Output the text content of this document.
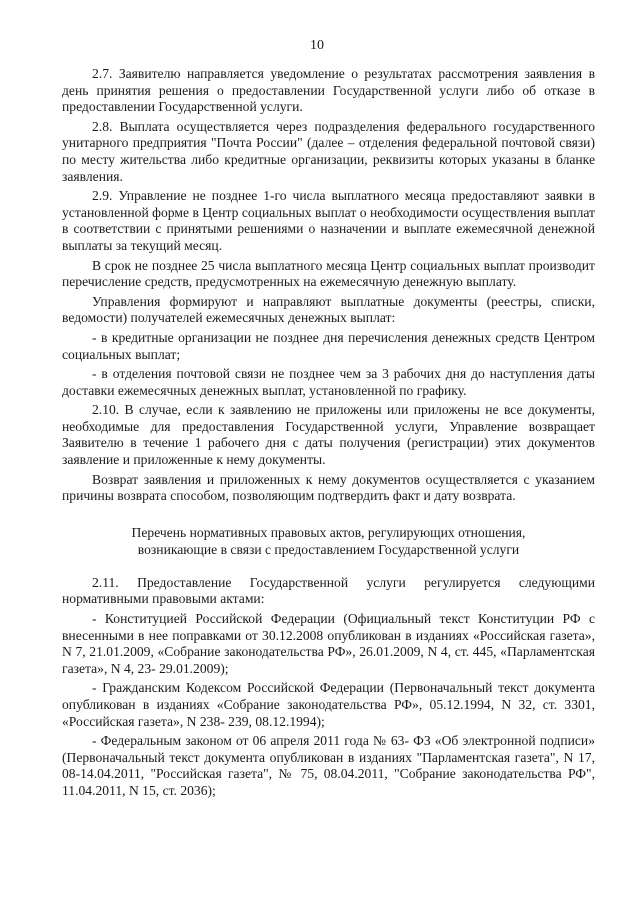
10

2.7. Заявителю направляется уведомление о результатах рассмотрения заявления в день принятия решения о предоставлении Государственной услуги либо об отказе в предоставлении Государственной услуги.

2.8. Выплата осуществляется через подразделения федерального государственного унитарного предприятия "Почта России" (далее – отделения федеральной почтовой связи) по месту жительства либо кредитные организации, реквизиты которых указаны в бланке заявления.

2.9. Управление не позднее 1-го числа выплатного месяца предоставляют заявки в установленной форме в Центр социальных выплат о необходимости осуществления выплат в соответствии с принятыми решениями о назначении и выплате ежемесячной денежной выплаты за текущий месяц.

В срок не позднее 25 числа выплатного месяца Центр социальных выплат производит перечисление средств, предусмотренных на ежемесячную денежную выплату.

Управления формируют и направляют выплатные документы (реестры, списки, ведомости) получателей ежемесячных денежных выплат:

- в кредитные организации не позднее дня перечисления денежных средств Центром социальных выплат;

- в отделения почтовой связи не позднее чем за 3 рабочих дня до наступления даты доставки ежемесячных денежных выплат, установленной по графику.

2.10. В случае, если к заявлению не приложены или приложены не все документы, необходимые для предоставления Государственной услуги, Управление возвращает Заявителю в течение 1 рабочего дня с даты получения (регистрации) этих документов заявление и приложенные к нему документы.

Возврат заявления и приложенных к нему документов осуществляется с указанием причины возврата способом, позволяющим подтвердить факт и дату возврата.

Перечень нормативных правовых актов, регулирующих отношения,
возникающие в связи с предоставлением Государственной услуги

2.11. Предоставление Государственной услуги регулируется следующими нормативными правовыми актами:

- Конституцией Российской Федерации (Официальный текст Конституции РФ с внесенными в нее поправками от 30.12.2008 опубликован в изданиях «Российская газета», N 7, 21.01.2009, «Собрание законодательства РФ», 26.01.2009, N 4, ст. 445, «Парламентская газета», N 4, 23- 29.01.2009);

- Гражданским Кодексом Российской Федерации (Первоначальный текст документа опубликован в изданиях «Собрание законодательства РФ», 05.12.1994, N 32, ст. 3301, «Российская газета», N 238- 239, 08.12.1994);

- Федеральным законом от 06 апреля 2011 года № 63- ФЗ «Об электронной подписи» (Первоначальный текст документа опубликован в изданиях "Парламентская газета", N 17, 08-14.04.2011, "Российская газета", № 75, 08.04.2011, "Собрание законодательства РФ", 11.04.2011, N 15, ст. 2036);
